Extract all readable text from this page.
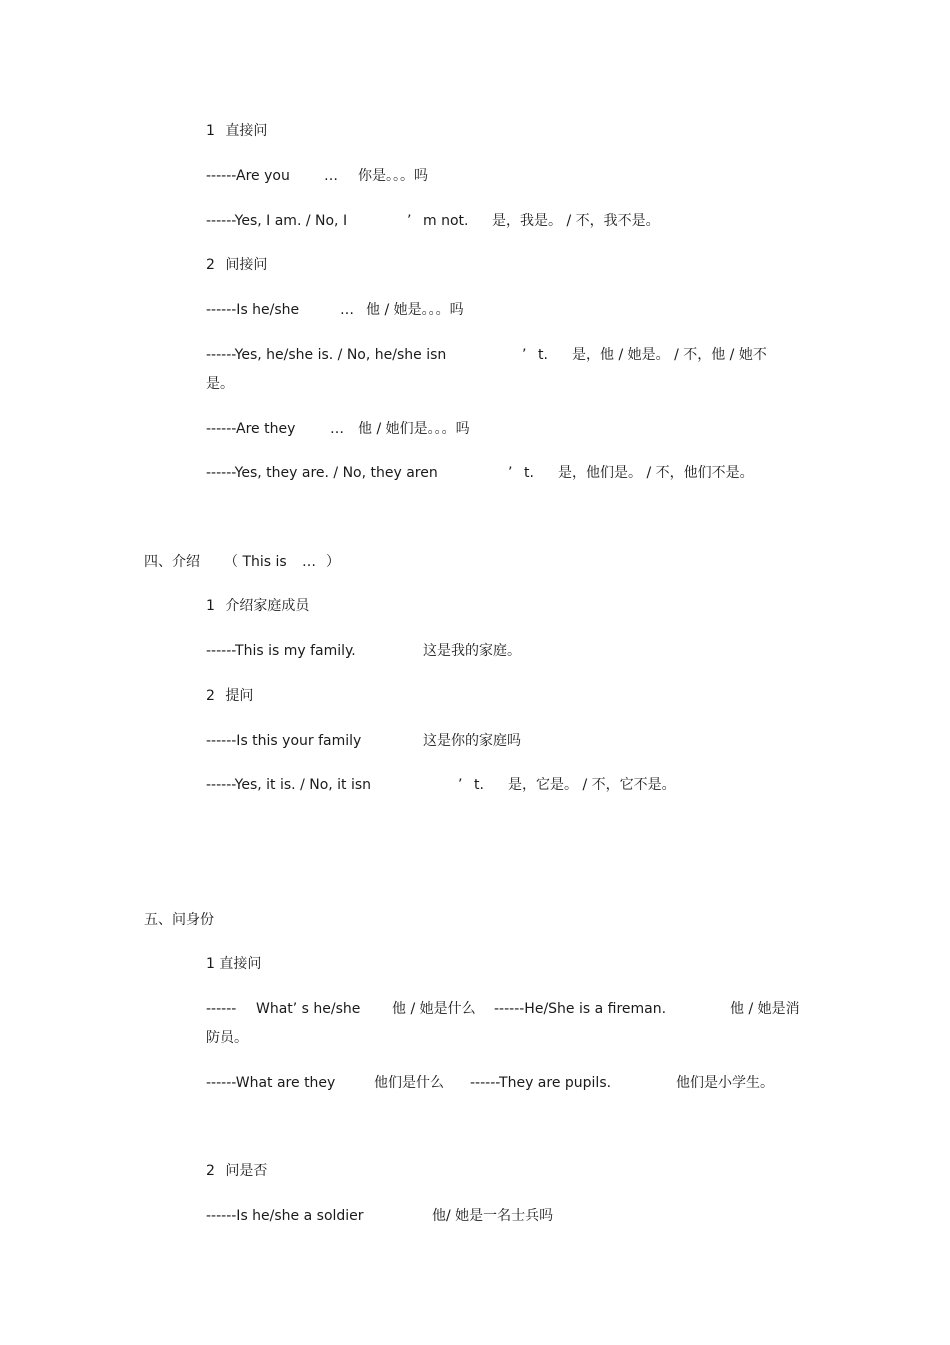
1 直接问
------Are you … 你是。。。吗
------Yes, I am. / No, I	’ m not. 是，我是。 / 不，我不是。
2 间接问
------Is he/she	… 他 / 她是。。。吗
------Yes, he/she is. / No, he/she isn	’ t. 是，他 / 她是。 / 不，他 / 她不
是。
------Are they … 他 / 她们是。。。吗
------Yes, they are. / No, they aren	’ t. 是，他们是。 / 不，他们不是。
四、介绍 （ This is … ）
1 介绍家庭成员
------This is my family.	这是我的家庭。
2 提问
------Is this your family	这是你的家庭吗
------Yes, it is. / No, it isn	’ t. 是，它是。 / 不，它不是。
五、问身份
1 直接问
------ What’ s he/she 他 / 她是什么 ------He/She is a fireman.	他 / 她是消
防员。
------What are they	他们是什么 ------They are pupils.	他们是小学生。
2 问是否
------Is he/she a soldier	他/ 她是一名士兵吗
